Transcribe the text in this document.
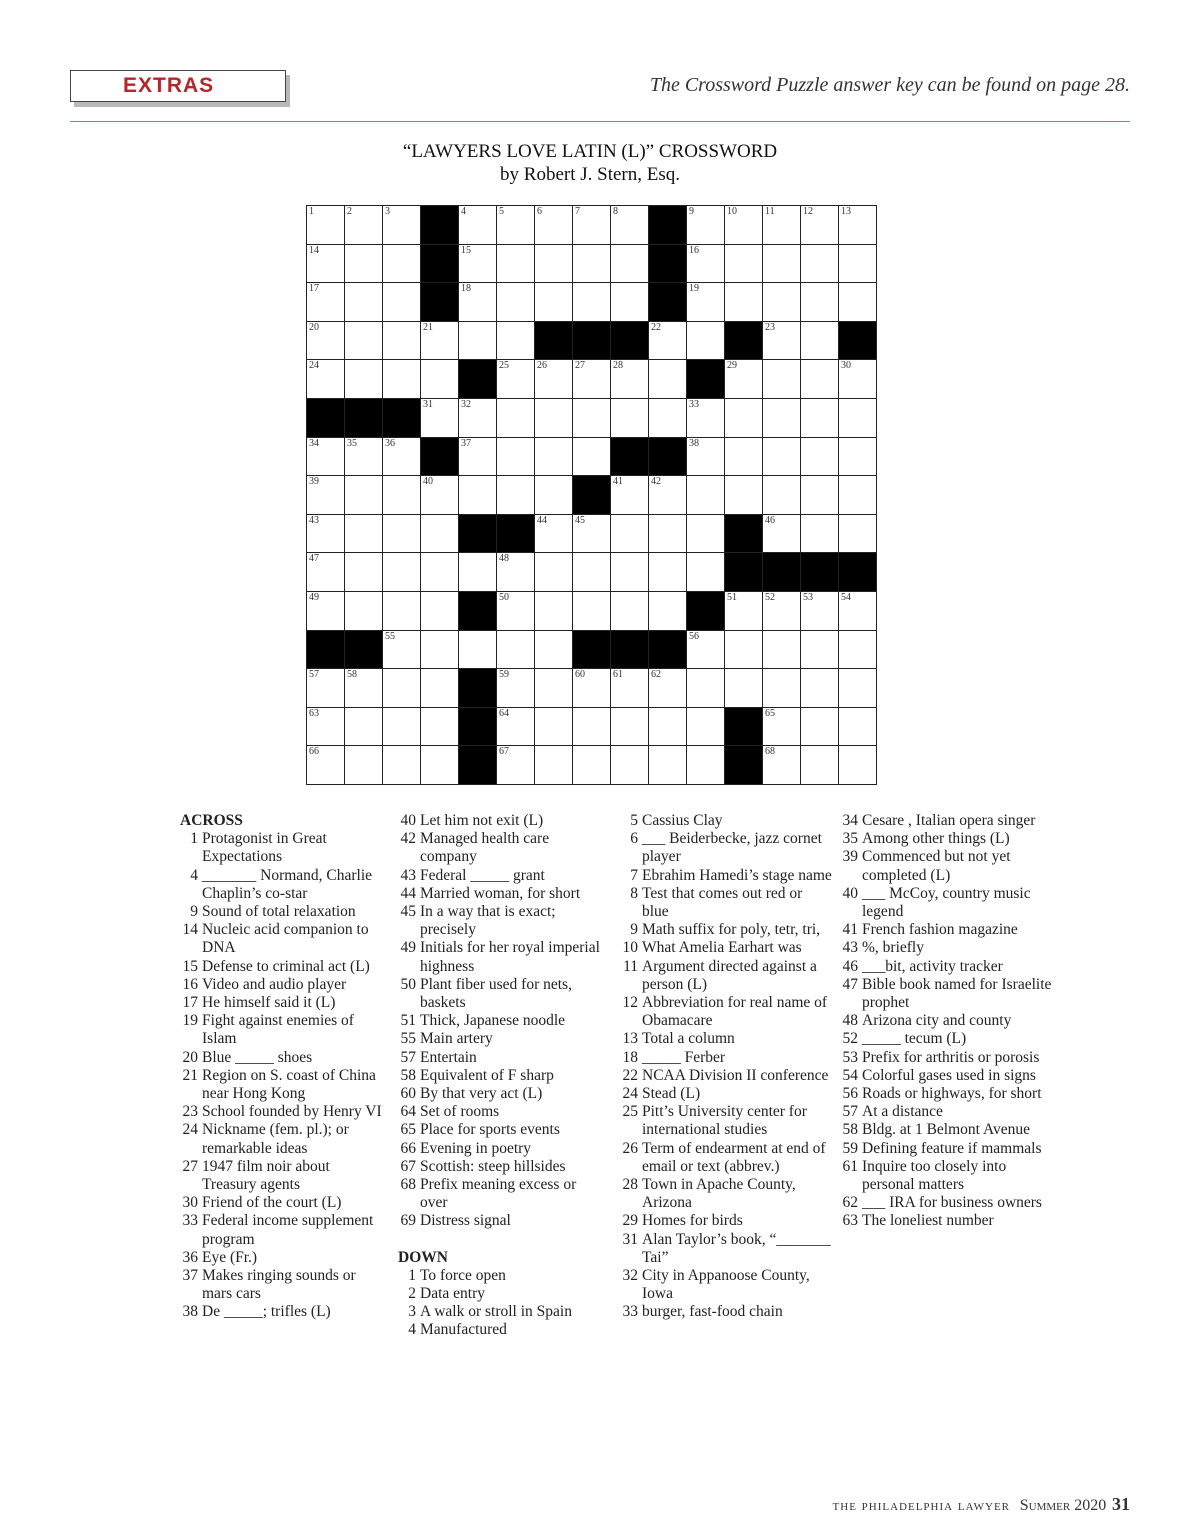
EXTRAS	The Crossword Puzzle answer key can be found on page 28.
“LAWYERS LOVE LATIN (L)” CROSSWORD
by Robert J. Stern, Esq.
1	2	3	4	5	6	7	8	9	10	11	12	13
14	15	16
17	18	19
20	21	22	23
24	25	26	27	28	29	30
31	32	33
34	35	36	37	38
39	40	41	42
43	44	45	46
47	48
49	50	51	52	53	54
55	56
57	58	59	60	61	62
63	64	65
66	67	68
ACROSS
1 Protagonist in Great Expectations
4 _______ Normand, Charlie Chaplin’s co-star
9 Sound of total relaxation
14 Nucleic acid companion to DNA
15 Defense to criminal act (L)
16 Video and audio player
17 He himself said it (L)
19 Fight against enemies of Islam
20 Blue _____ shoes
21 Region on S. coast of China near Hong Kong
23 School founded by Henry VI
24 Nickname (fem. pl.); or remarkable ideas
27 1947 film noir about Treasury agents
30 Friend of the court (L)
33 Federal income supplement program
36 Eye (Fr.)
37 Makes ringing sounds or mars cars
38 De _____; trifles (L)
40 Let him not exit (L)
42 Managed health care company
43 Federal _____ grant
44 Married woman, for short
45 In a way that is exact; precisely
49 Initials for her royal imperial highness
50 Plant fiber used for nets, baskets
51 Thick, Japanese noodle
55 Main artery
57 Entertain
58 Equivalent of F sharp
60 By that very act (L)
64 Set of rooms
65 Place for sports events
66 Evening in poetry
67 Scottish: steep hillsides
68 Prefix meaning excess or over
69 Distress signal
DOWN
1 To force open
2 Data entry
3 A walk or stroll in Spain
4 Manufactured
5 Cassius Clay
6 ___ Beiderbecke, jazz cornet player
7 Ebrahim Hamedi’s stage name
8 Test that comes out red or blue
9 Math suffix for poly, tetr, tri,
10 What Amelia Earhart was
11 Argument directed against a person (L)
12 Abbreviation for real name of Obamacare
13 Total a column
18 _____ Ferber
22 NCAA Division II conference
24 Stead (L)
25 Pitt’s University center for international studies
26 Term of endearment at end of email or text (abbrev.)
28 Town in Apache County, Arizona
29 Homes for birds
31 Alan Taylor’s book, “_______ Tai”
32 City in Appanoose County, Iowa
33 burger, fast-food chain
34 Cesare , Italian opera singer
35 Among other things (L)
39 Commenced but not yet completed (L)
40 ___ McCoy, country music legend
41 French fashion magazine
43 %, briefly
46 ___bit, activity tracker
47 Bible book named for Israelite prophet
48 Arizona city and county
52 _____ tecum (L)
53 Prefix for arthritis or porosis
54 Colorful gases used in signs
56 Roads or highways, for short
57 At a distance
58 Bldg. at 1 Belmont Avenue
59 Defining feature if mammals
61 Inquire too closely into personal matters
62 ___ IRA for business owners
63 The loneliest number
the philadelphia lawyer Summer 2020 31
